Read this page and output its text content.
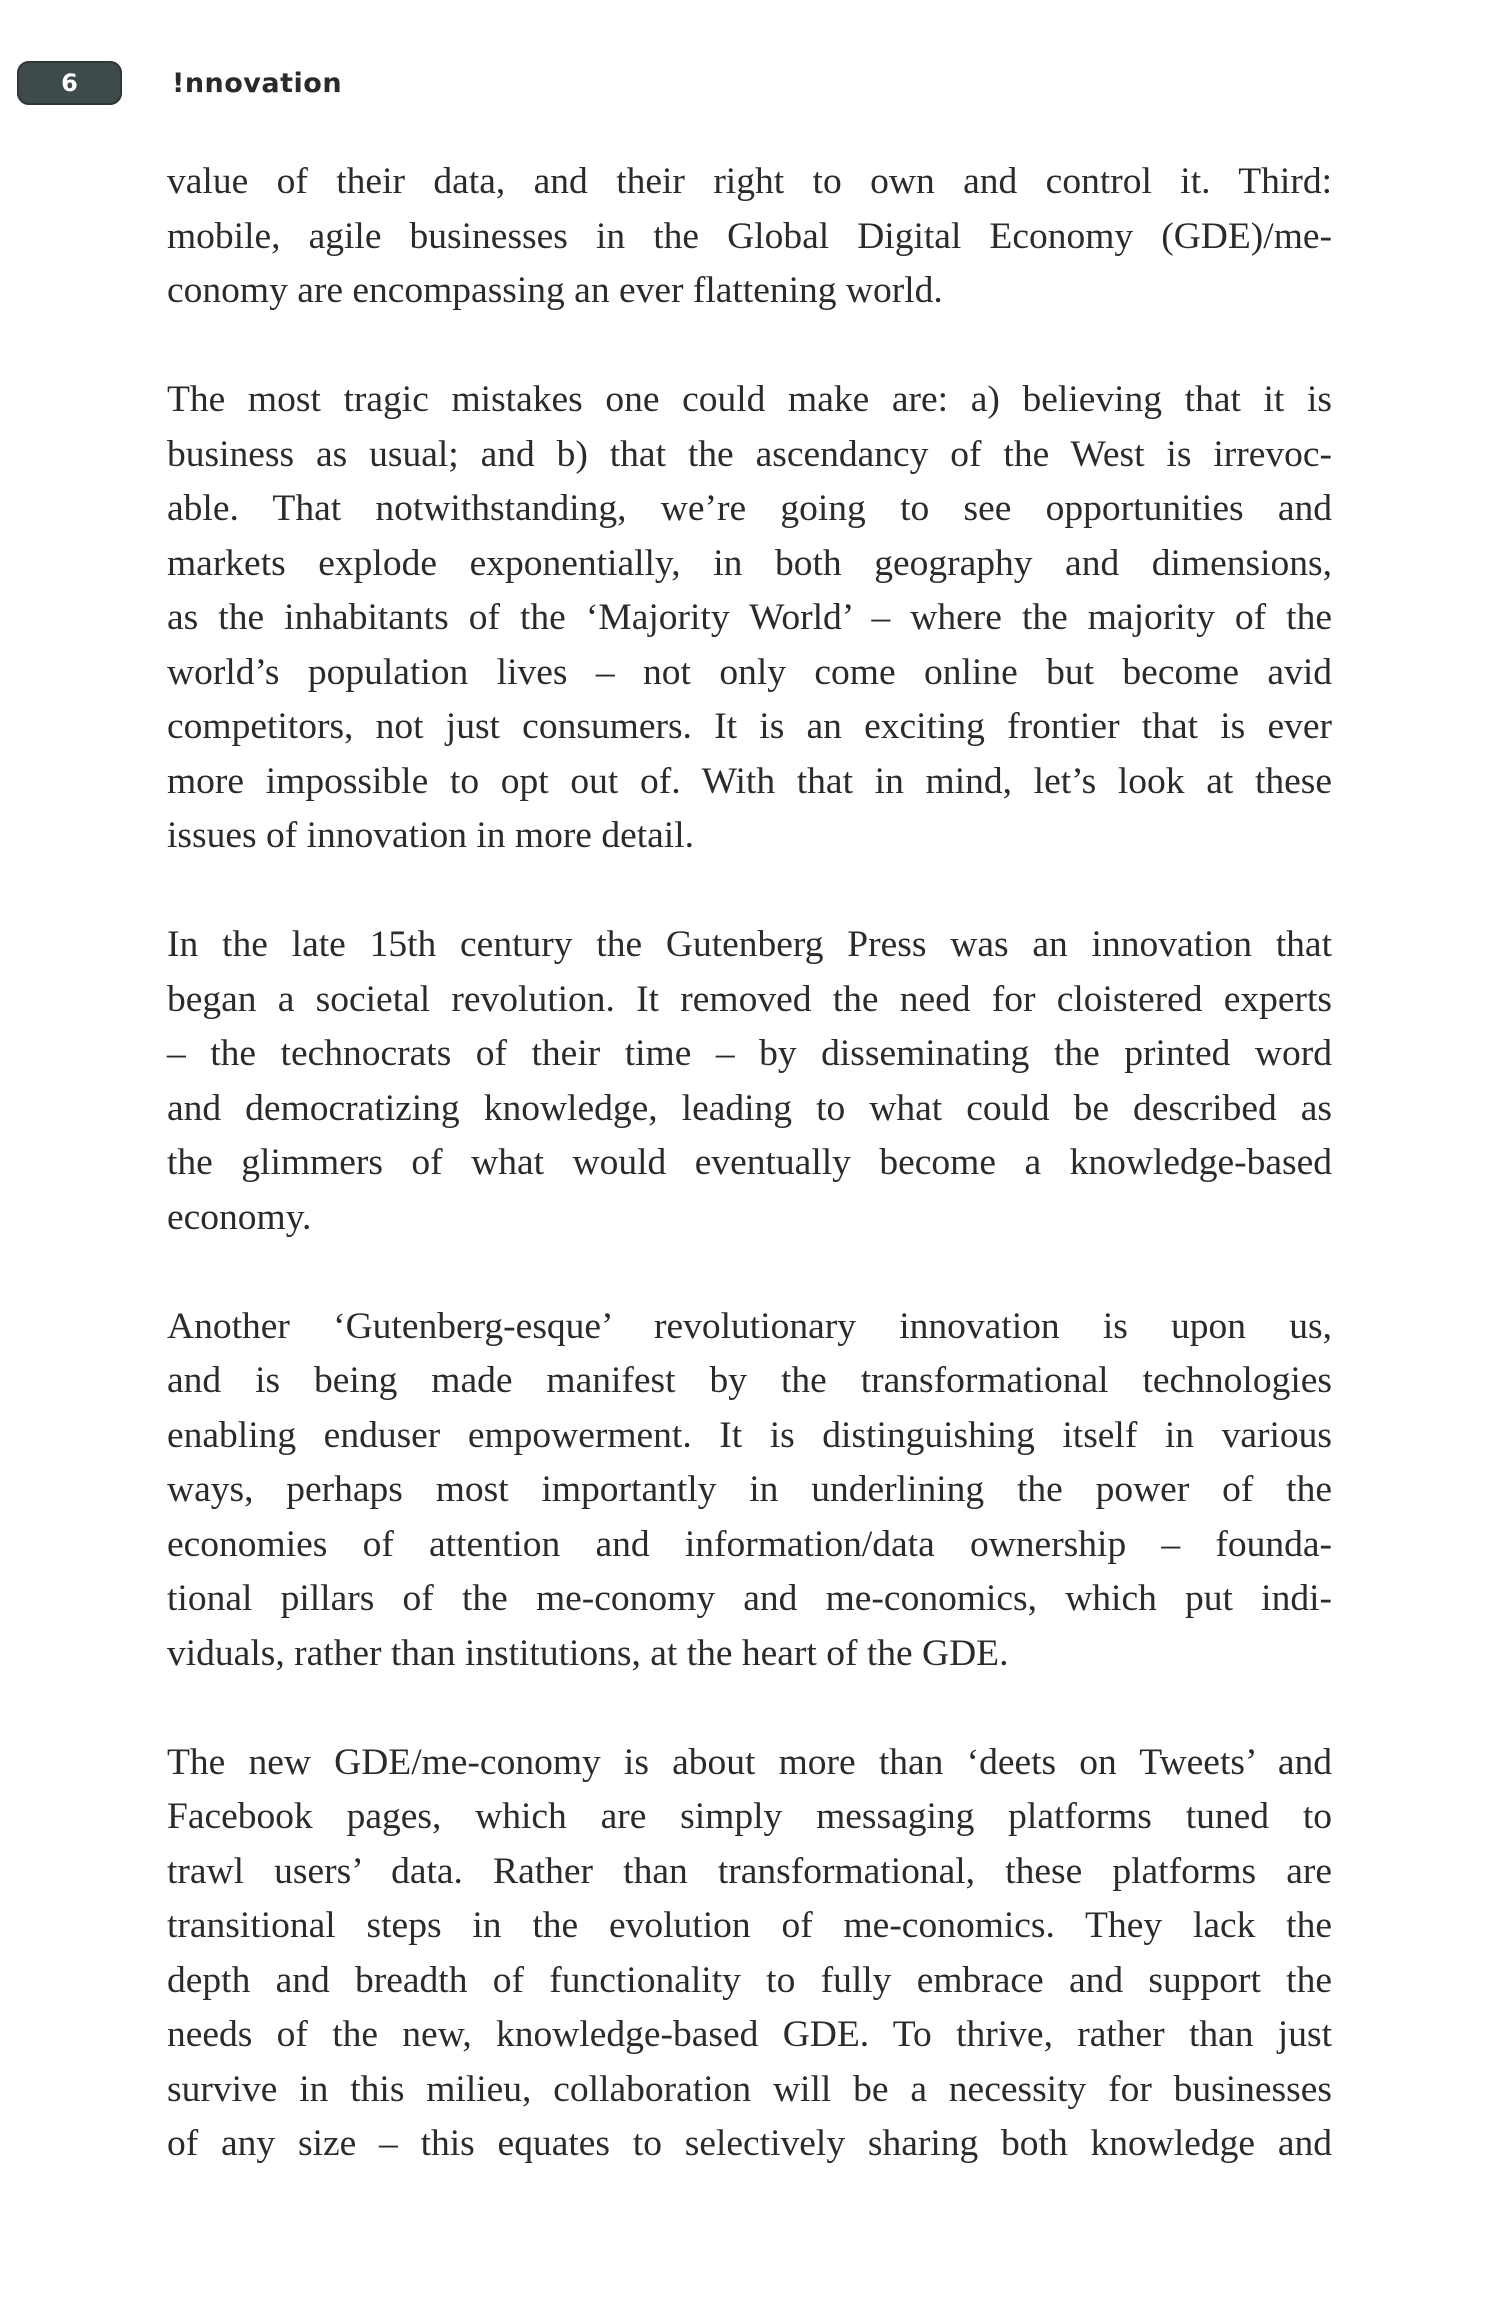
6	!nnovation

value of their data, and their right to own and control it. Third:
mobile, agile businesses in the Global Digital Economy (GDE)/me-
conomy are encompassing an ever flattening world.

The most tragic mistakes one could make are: a) believing that it is
business as usual; and b) that the ascendancy of the West is irrevoc-
able. That notwithstanding, we’re going to see opportunities and
markets explode exponentially, in both geography and dimensions,
as the inhabitants of the ‘Majority World’ – where the majority of the
world’s population lives – not only come online but become avid
competitors, not just consumers. It is an exciting frontier that is ever
more impossible to opt out of. With that in mind, let’s look at these
issues of innovation in more detail.

In the late 15th century the Gutenberg Press was an innovation that
began a societal revolution. It removed the need for cloistered experts
– the technocrats of their time – by disseminating the printed word
and democratizing knowledge, leading to what could be described as
the glimmers of what would eventually become a knowledge-based
economy.

Another ‘Gutenberg-esque’ revolutionary innovation is upon us,
and is being made manifest by the transformational technologies
enabling enduser empowerment. It is distinguishing itself in various
ways, perhaps most importantly in underlining the power of the
economies of attention and information/data ownership – founda-
tional pillars of the me-conomy and me-conomics, which put indi-
viduals, rather than institutions, at the heart of the GDE.

The new GDE/me-conomy is about more than ‘deets on Tweets’ and
Facebook pages, which are simply messaging platforms tuned to
trawl users’ data. Rather than transformational, these platforms are
transitional steps in the evolution of me-conomics. They lack the
depth and breadth of functionality to fully embrace and support the
needs of the new, knowledge-based GDE. To thrive, rather than just
survive in this milieu, collaboration will be a necessity for businesses
of any size – this equates to selectively sharing both knowledge and
